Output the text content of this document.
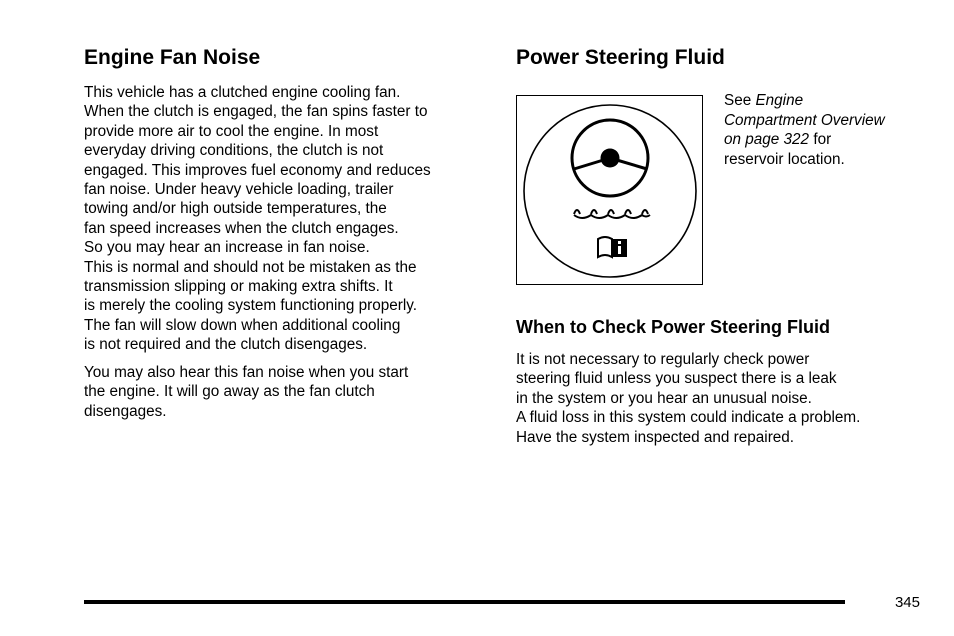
Engine Fan Noise
This vehicle has a clutched engine cooling fan.
When the clutch is engaged, the fan spins faster to
provide more air to cool the engine. In most
everyday driving conditions, the clutch is not
engaged. This improves fuel economy and reduces
fan noise. Under heavy vehicle loading, trailer
towing and/or high outside temperatures, the
fan speed increases when the clutch engages.
So you may hear an increase in fan noise.
This is normal and should not be mistaken as the
transmission slipping or making extra shifts. It
is merely the cooling system functioning properly.
The fan will slow down when additional cooling
is not required and the clutch disengages.
You may also hear this fan noise when you start
the engine. It will go away as the fan clutch
disengages.
Power Steering Fluid
See Engine
Compartment Overview
on page 322 for
reservoir location.
When to Check Power Steering Fluid
It is not necessary to regularly check power
steering fluid unless you suspect there is a leak
in the system or you hear an unusual noise.
A fluid loss in this system could indicate a problem.
Have the system inspected and repaired.
345
